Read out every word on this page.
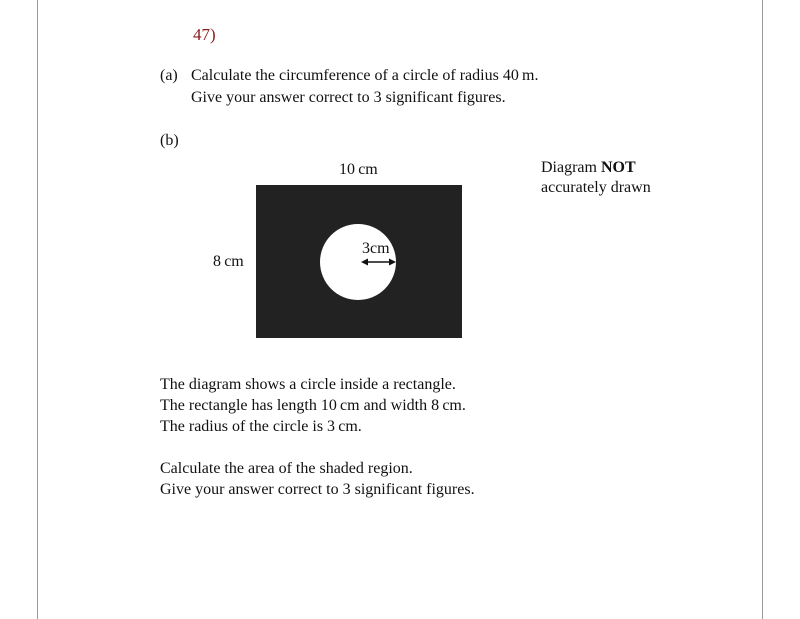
47)
(a) Calculate the circumference of a circle of radius 40 m.
Give your answer correct to 3 significant figures.
(b)
3cm
10 cm
8 cm
Diagram NOT
accurately drawn
The diagram shows a circle inside a rectangle.
The rectangle has length 10 cm and width 8 cm.
The radius of the circle is 3 cm.
Calculate the area of the shaded region.
Give your answer correct to 3 significant figures.
